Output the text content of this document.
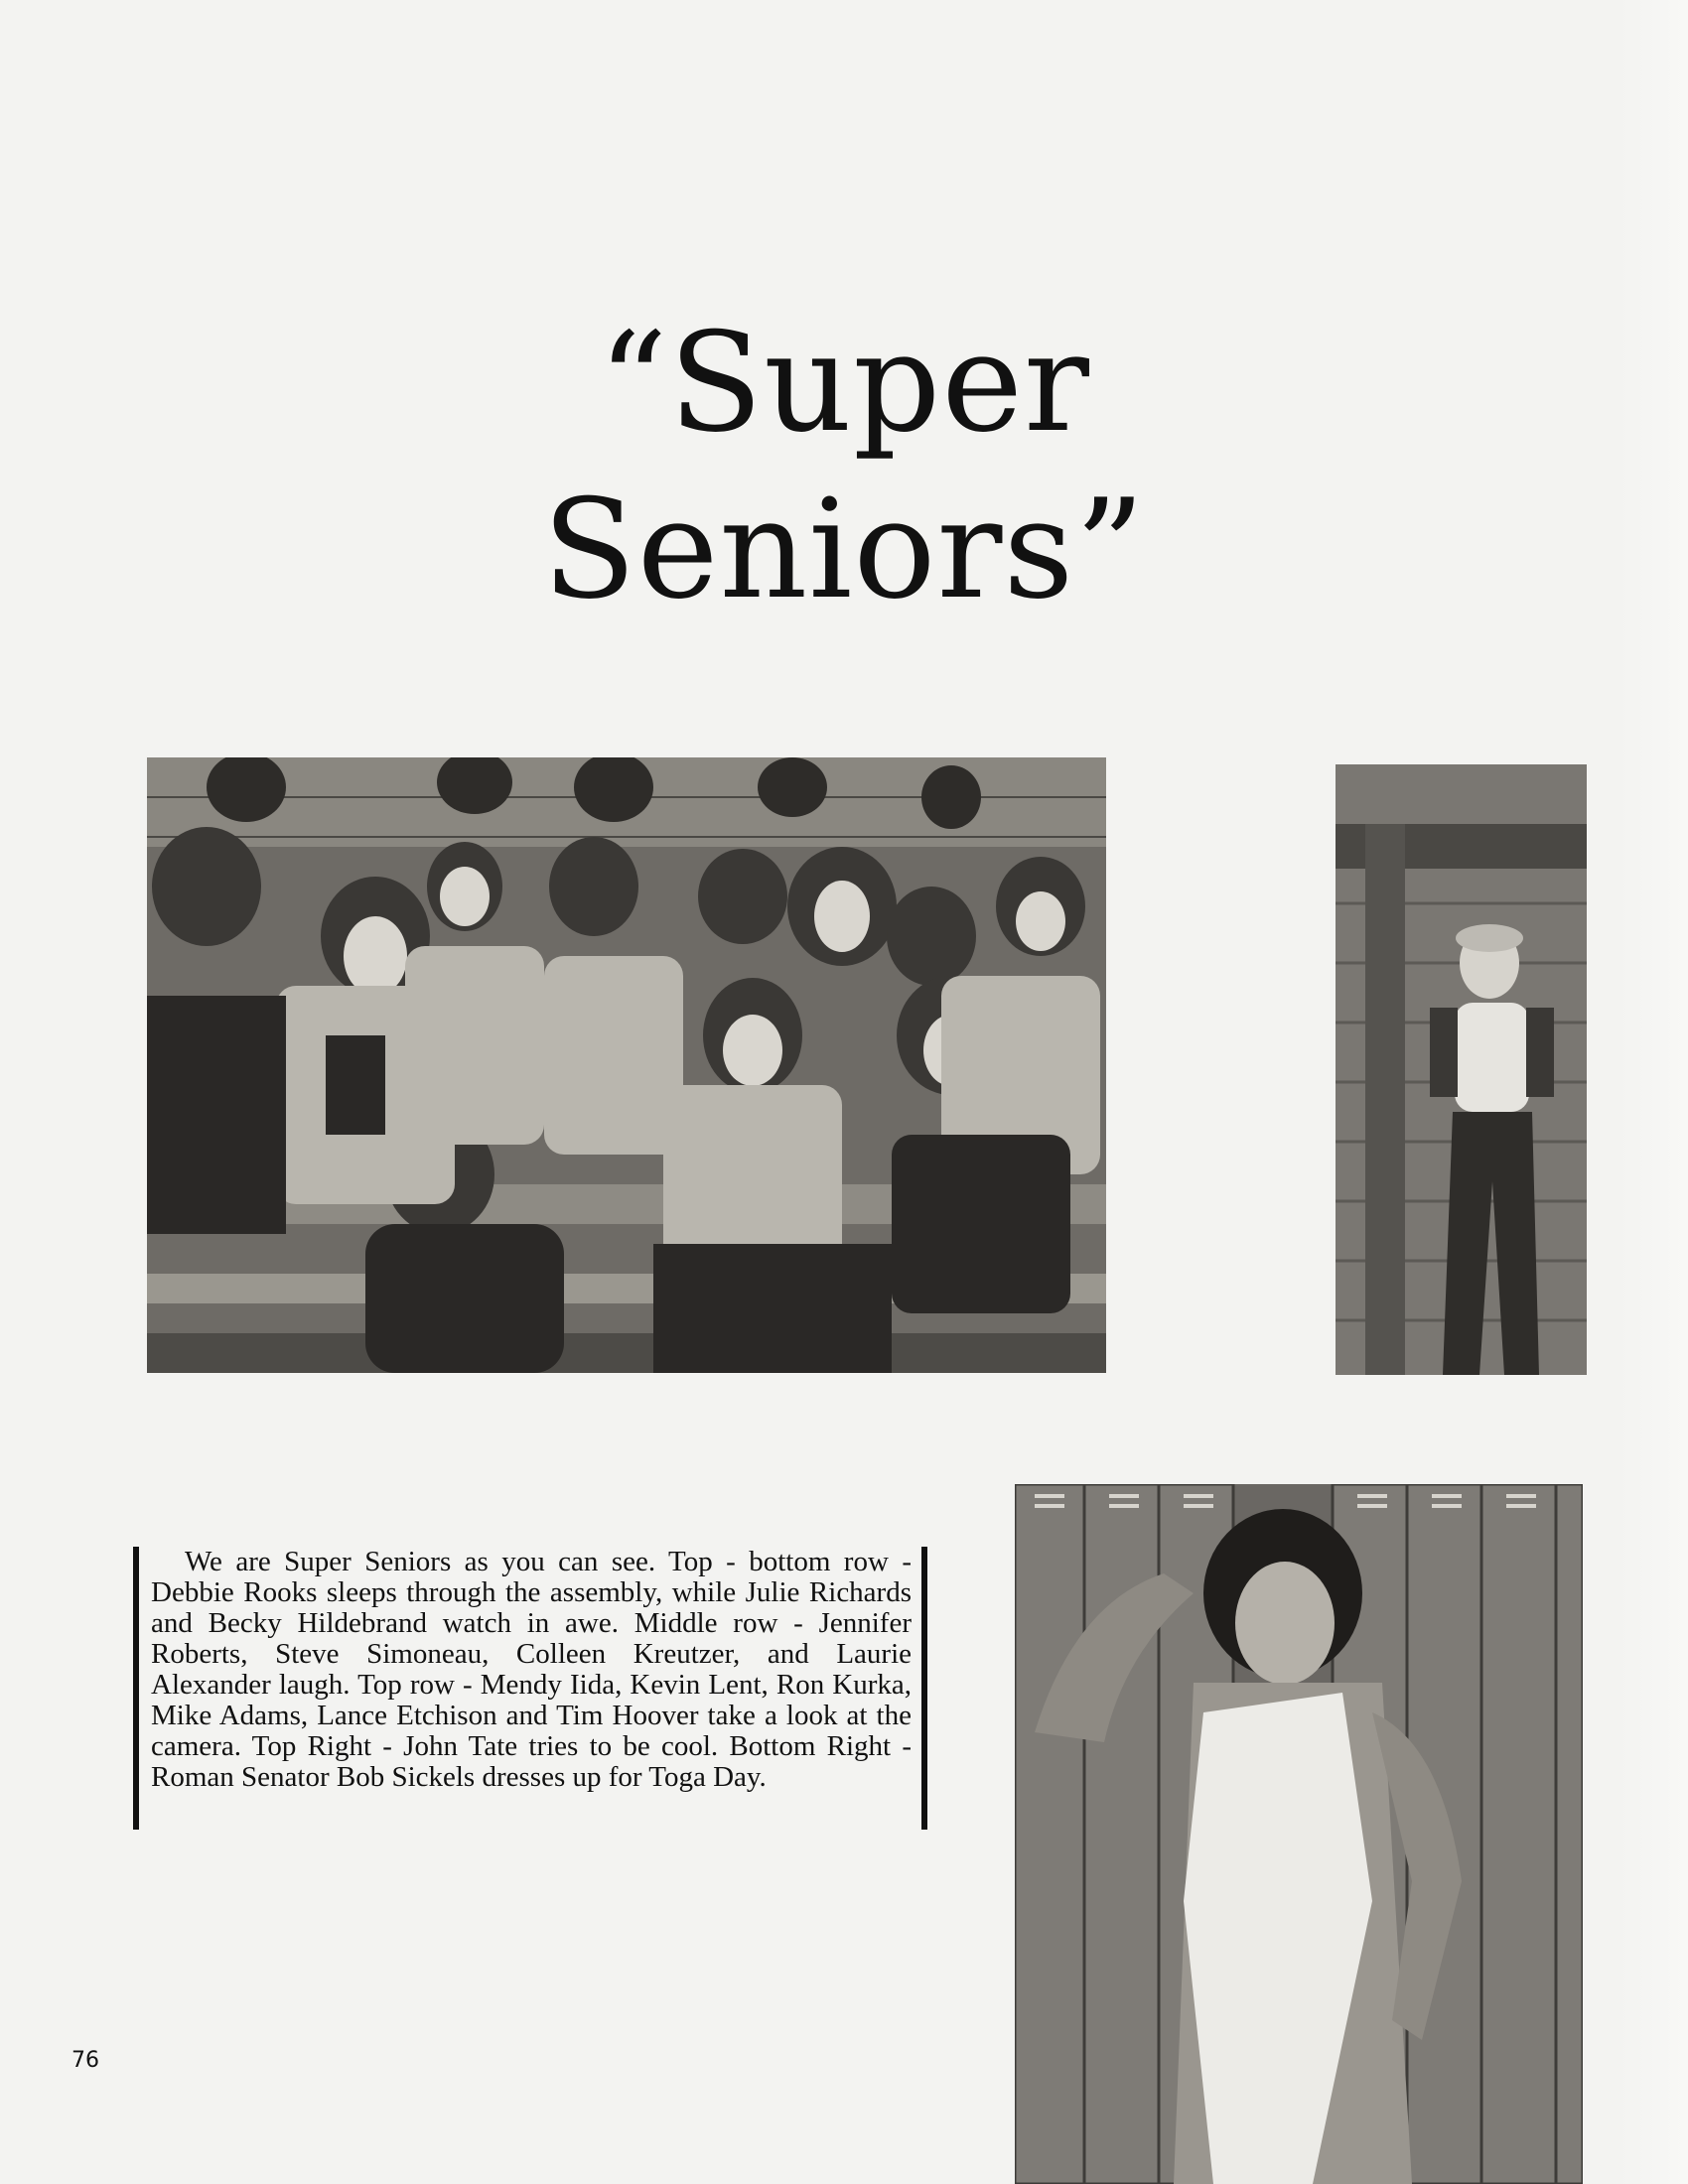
“Super
Seniors”

We are Super Seniors as you can see. Top - bottom row - Debbie Rooks sleeps through the assembly, while Julie Richards and Becky Hildebrand watch in awe. Middle row - Jennifer Roberts, Steve Simoneau, Colleen Kreutzer, and Laurie Alexander laugh. Top row - Mendy Iida, Kevin Lent, Ron Kurka, Mike Adams, Lance Etchison and Tim Hoover take a look at the camera. Top Right - John Tate tries to be cool. Bottom Right - Roman Senator Bob Sickels dresses up for Toga Day.

76
